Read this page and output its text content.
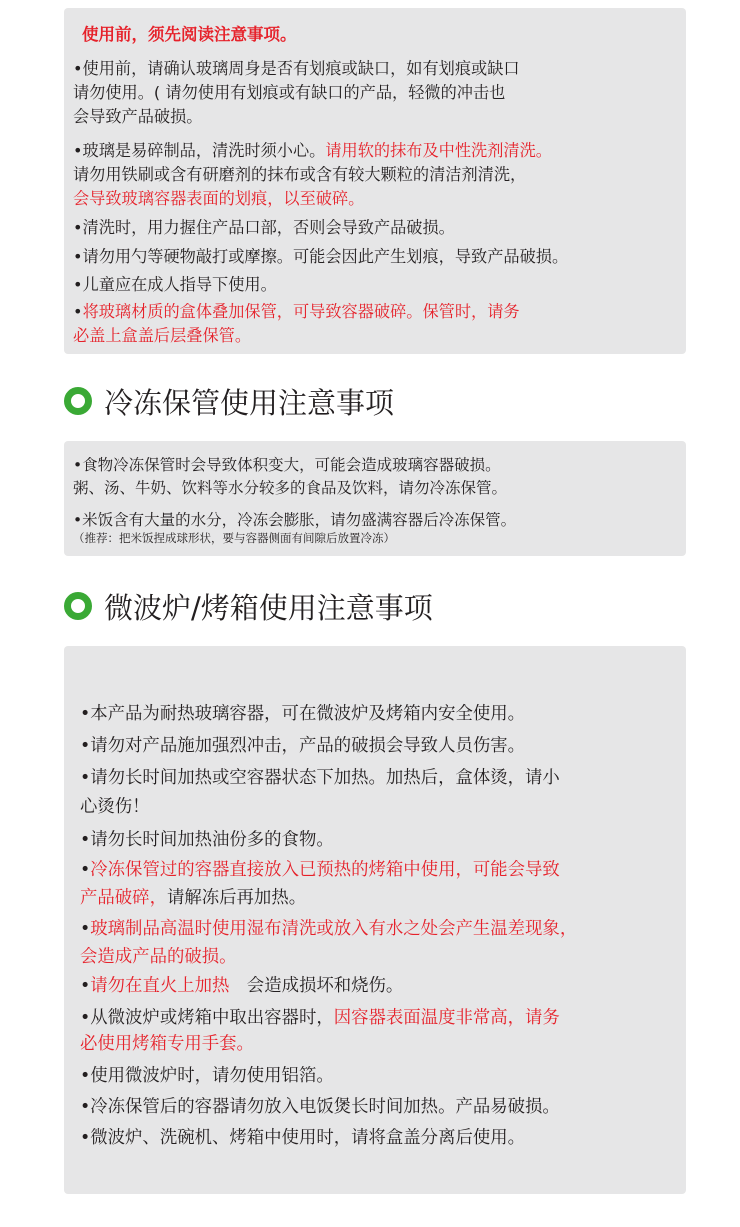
使用前，须先阅读注意事项。
•使用前，请确认玻璃周身是否有划痕或缺口，如有划痕或缺口
请勿使用。( 请勿使用有划痕或有缺口的产品，轻微的冲击也
会导致产品破损。
•玻璃是易碎制品，清洗时须小心。请用软的抹布及中性洗剂清洗。
请勿用铁刷或含有研磨剂的抹布或含有较大颗粒的清洁剂清洗，
会导致玻璃容器表面的划痕，以至破碎。
•清洗时，用力握住产品口部，否则会导致产品破损。
•请勿用勺等硬物敲打或摩擦。可能会因此产生划痕，导致产品破损。
•儿童应在成人指导下使用。
•将玻璃材质的盒体叠加保管，可导致容器破碎。保管时，请务
必盖上盒盖后层叠保管。
冷冻保管使用注意事项
•食物冷冻保管时会导致体积变大，可能会造成玻璃容器破损。
粥、汤、牛奶、饮料等水分较多的食品及饮料，请勿冷冻保管。
•米饭含有大量的水分，冷冻会膨胀，请勿盛满容器后冷冻保管。
（推荐：把米饭捏成球形状，要与容器侧面有间隙后放置冷冻）
微波炉/烤箱使用注意事项
•本产品为耐热玻璃容器，可在微波炉及烤箱内安全使用。
•请勿对产品施加强烈冲击，产品的破损会导致人员伤害。
•请勿长时间加热或空容器状态下加热。加热后，盒体烫，请小
心烫伤！
•请勿长时间加热油份多的食物。
•冷冻保管过的容器直接放入已预热的烤箱中使用，可能会导致
产品破碎，请解冻后再加热。
•玻璃制品高温时使用湿布清洗或放入有水之处会产生温差现象，
会造成产品的破损。
•请勿在直火上加热　会造成损坏和烧伤。
•从微波炉或烤箱中取出容器时，因容器表面温度非常高，请务
必使用烤箱专用手套。
•使用微波炉时，请勿使用铝箔。
•冷冻保管后的容器请勿放入电饭煲长时间加热。产品易破损。
•微波炉、洗碗机、烤箱中使用时，请将盒盖分离后使用。
